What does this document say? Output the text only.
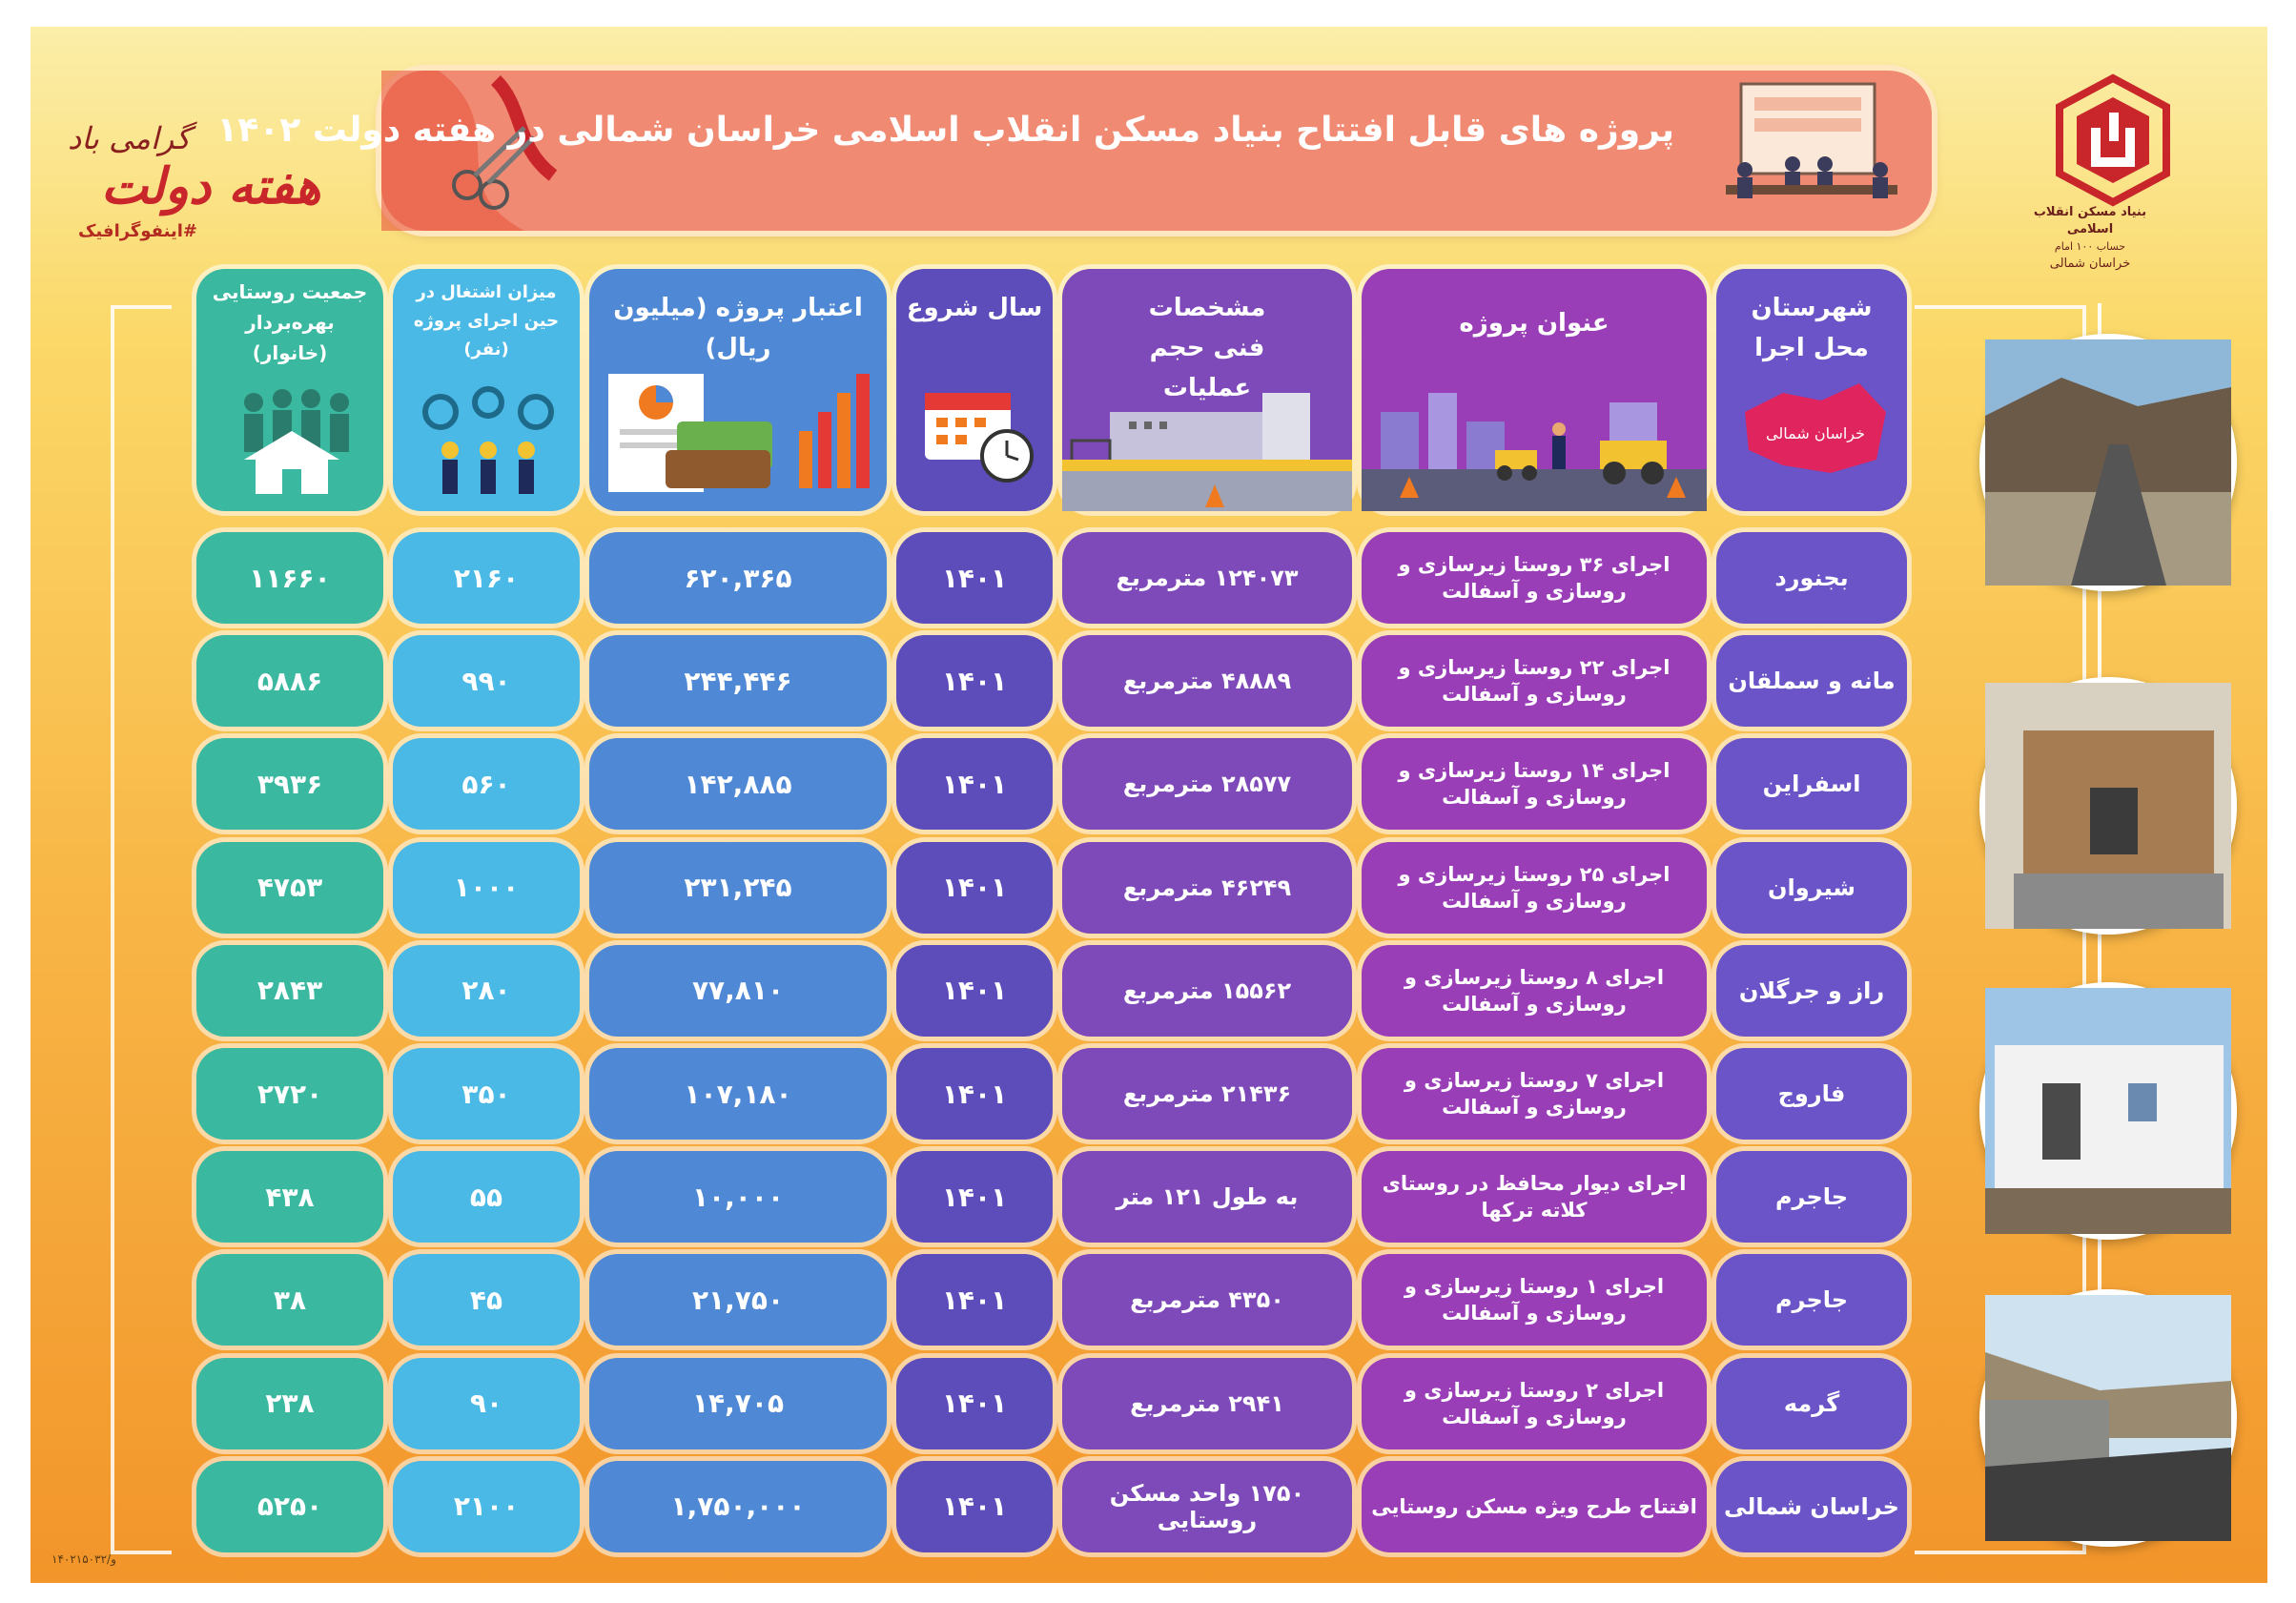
پروژه های قابل افتتاح بنیاد مسکن انقلاب اسلامی خراسان شمالی در هفته دولت ۱۴۰۲
بنیاد مسکن انقلاب اسلامی
حساب ۱۰۰ امام
خراسان شمالی
گرامی باد
هفته دولت
#اینفوگرافیک
۱۴۰۲۱۵۰۳۲/و
شهرستان محل اجرا
خراسان شمالی
عنوان پروژه
مشخصات فنی حجم عملیات
سال شروع
اعتبار پروژه (میلیون ریال)
میزان اشتغال در حین اجرای پروژه (نفر)
جمعیت روستایی بهره‌بردار (خانوار)
بجنورد
اجرای ۳۶ روستا زیرسازی و روسازی و آسفالت
۱۲۴۰۷۳ مترمربع
۱۴۰۱
۶۲۰,۳۶۵
۲۱۶۰
۱۱۶۶۰
مانه و سملقان
اجرای ۲۲ روستا زیرسازی و روسازی و آسفالت
۴۸۸۸۹ مترمربع
۱۴۰۱
۲۴۴,۴۴۶
۹۹۰
۵۸۸۶
اسفراین
اجرای ۱۴ روستا زیرسازی و روسازی و آسفالت
۲۸۵۷۷ مترمربع
۱۴۰۱
۱۴۲,۸۸۵
۵۶۰
۳۹۳۶
شیروان
اجرای ۲۵ روستا زیرسازی و روسازی و آسفالت
۴۶۲۴۹ مترمربع
۱۴۰۱
۲۳۱,۲۴۵
۱۰۰۰
۴۷۵۳
راز و جرگلان
اجرای ۸ روستا زیرسازی و روسازی و آسفالت
۱۵۵۶۲ مترمربع
۱۴۰۱
۷۷,۸۱۰
۲۸۰
۲۸۴۳
فاروج
اجرای ۷ روستا زیرسازی و روسازی و آسفالت
۲۱۴۳۶ مترمربع
۱۴۰۱
۱۰۷,۱۸۰
۳۵۰
۲۷۲۰
جاجرم
اجرای دیوار محافظ در روستای کلاته ترکها
به طول ۱۲۱ متر
۱۴۰۱
۱۰,۰۰۰
۵۵
۴۳۸
جاجرم
اجرای ۱ روستا زیرسازی و روسازی و آسفالت
۴۳۵۰ مترمربع
۱۴۰۱
۲۱,۷۵۰
۴۵
۳۸
گرمه
اجرای ۲ روستا زیرسازی و روسازی و آسفالت
۲۹۴۱ مترمربع
۱۴۰۱
۱۴,۷۰۵
۹۰
۲۳۸
خراسان شمالی
افتتاح طرح ویژه مسکن روستایی
۱۷۵۰ واحد مسکن روستایی
۱۴۰۱
۱,۷۵۰,۰۰۰
۲۱۰۰
۵۲۵۰
